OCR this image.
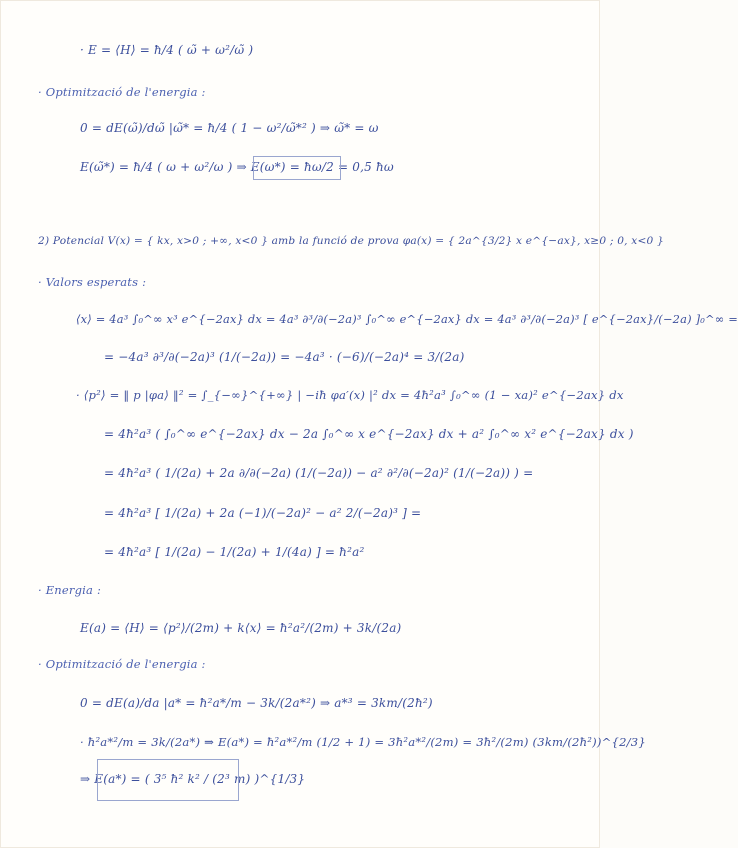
· E = ⟨H⟩ = ħ/4 ( ω̃ + ω²/ω̃ )
· Optimització de l'energia :
0 = dE(ω̃)/dω̃ |ω̃* = ħ/4 ( 1 − ω²/ω̃*² ) ⇒ ω̃* = ω
E(ω̃*) = ħ/4 ( ω + ω²/ω ) ⇒ E(ω*) = ħω/2 = 0,5 ħω
2) Potencial V(x) = { kx, x>0 ; +∞, x<0 } amb la funció de prova φa(x) = { 2a^{3/2} x e^{−ax}, x≥0 ; 0, x<0 }
· Valors esperats :
⟨x⟩ = 4a³ ∫₀^∞ x³ e^{−2ax} dx = 4a³ ∂³/∂(−2a)³ ∫₀^∞ e^{−2ax} dx = 4a³ ∂³/∂(−2a)³ [ e^{−2ax}/(−2a) ]₀^∞ =
= −4a³ ∂³/∂(−2a)³ (1/(−2a)) = −4a³ · (−6)/(−2a)⁴ = 3/(2a)
· ⟨p²⟩ = ‖ p |φa⟩ ‖² = ∫_{−∞}^{+∞} | −iħ φa′(x) |² dx = 4ħ²a³ ∫₀^∞ (1 − xa)² e^{−2ax} dx
= 4ħ²a³ ( ∫₀^∞ e^{−2ax} dx − 2a ∫₀^∞ x e^{−2ax} dx + a² ∫₀^∞ x² e^{−2ax} dx )
= 4ħ²a³ ( 1/(2a) + 2a ∂/∂(−2a) (1/(−2a)) − a² ∂²/∂(−2a)² (1/(−2a)) ) =
= 4ħ²a³ [ 1/(2a) + 2a (−1)/(−2a)² − a² 2/(−2a)³ ] =
= 4ħ²a³ [ 1/(2a) − 1/(2a) + 1/(4a) ] = ħ²a²
· Energia :
E(a) = ⟨H⟩ = ⟨p²⟩/(2m) + k⟨x⟩ = ħ²a²/(2m) + 3k/(2a)
· Optimització de l'energia :
0 = dE(a)/da |a* = ħ²a*/m − 3k/(2a*²) ⇒ a*³ = 3km/(2ħ²)
· ħ²a*²/m = 3k/(2a*) ⇒ E(a*) = ħ²a*²/m (1/2 + 1) = 3ħ²a*²/(2m) = 3ħ²/(2m) (3km/(2ħ²))^{2/3}
⇒ E(a*) = ( 3⁵ ħ² k² / (2³ m) )^{1/3}
